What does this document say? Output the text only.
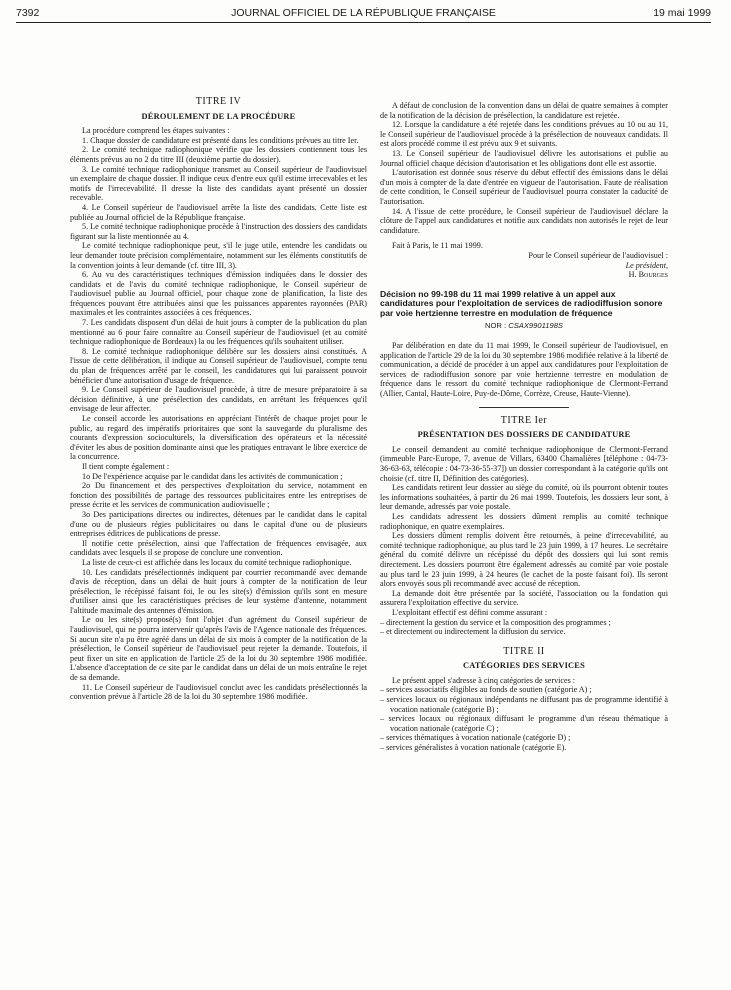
7392	JOURNAL OFFICIEL DE LA RÉPUBLIQUE FRANÇAISE	19 mai 1999
TITRE IV
DÉROULEMENT DE LA PROCÉDURE

La procédure comprend les étapes suivantes :

1. Chaque dossier de candidature est présenté dans les conditions prévues au titre Ier.

2. Le comité technique radiophonique vérifie que les dossiers contiennent tous les éléments prévus au no 2 du titre III (deuxième partie du dossier).

3. Le comité technique radiophonique transmet au Conseil supérieur de l'audiovisuel un exemplaire de chaque dossier. Il indique ceux d'entre eux qu'il estime irrecevables et les motifs de l'irrecevabilité. Il dresse la liste des candidats ayant présenté un dossier recevable.

4. Le Conseil supérieur de l'audiovisuel arrête la liste des candidats. Cette liste est publiée au Journal officiel de la République française.

5. Le comité technique radiophonique procède à l'instruction des dossiers des candidats figurant sur la liste mentionnée au 4.

Le comité technique radiophonique peut, s'il le juge utile, entendre les candidats ou leur demander toute précision complémentaire, notamment sur les éléments constitutifs de la convention joints à leur demande (cf. titre III, 3).

6. Au vu des caractéristiques techniques d'émission indiquées dans le dossier des candidats et de l'avis du comité technique radiophonique, le Conseil supérieur de l'audiovisuel publie au Journal officiel, pour chaque zone de planification, la liste des fréquences pouvant être attribuées ainsi que les puissances apparentes rayonnées (PAR) maximales et les contraintes associées à ces fréquences.

7. Les candidats disposent d'un délai de huit jours à compter de la publication du plan mentionné au 6 pour faire connaître au Conseil supérieur de l'audiovisuel (et au comité technique radiophonique de Bordeaux) la ou les fréquences qu'ils souhaitent utiliser.

8. Le comité technique radiophonique délibère sur les dossiers ainsi constitués. A l'issue de cette délibération, il indique au Conseil supérieur de l'audiovisuel, compte tenu du plan de fréquences arrêté par le conseil, les candidatures qui lui paraissent pouvoir bénéficier d'une autorisation d'usage de fréquence.

9. Le Conseil supérieur de l'audiovisuel procède, à titre de mesure préparatoire à sa décision définitive, à une présélection des candidats, en arrêtant les fréquences qu'il envisage de leur affecter.

Le conseil accorde les autorisations en appréciant l'intérêt de chaque projet pour le public, au regard des impératifs prioritaires que sont la sauvegarde du pluralisme des courants d'expression socioculturels, la diversification des opérateurs et la nécessité d'éviter les abus de position dominante ainsi que les pratiques entravant le libre exercice de la concurrence.

Il tient compte également :

1o De l'expérience acquise par le candidat dans les activités de communication ;

2o Du financement et des perspectives d'exploitation du service, notamment en fonction des possibilités de partage des ressources publicitaires entre les entreprises de presse écrite et les services de communication audiovisuelle ;

3o Des participations directes ou indirectes, détenues par le candidat dans le capital d'une ou de plusieurs régies publicitaires ou dans le capital d'une ou de plusieurs entreprises éditrices de publications de presse.

Il notifie cette présélection, ainsi que l'affectation de fréquences envisagée, aux candidats avec lesquels il se propose de conclure une convention.

La liste de ceux-ci est affichée dans les locaux du comité technique radiophonique.

10. Les candidats présélectionnés indiquent par courrier recommandé avec demande d'avis de réception, dans un délai de huit jours à compter de la notification de leur présélection, le récépissé faisant foi, le ou les site(s) d'émission qu'ils sont en mesure d'utiliser ainsi que les caractéristiques précises de leur système d'antenne, notamment l'altitude maximale des antennes d'émission.

Le ou les site(s) proposé(s) font l'objet d'un agrément du Conseil supérieur de l'audiovisuel, qui ne pourra intervenir qu'après l'avis de l'Agence nationale des fréquences. Si aucun site n'a pu être agréé dans un délai de six mois à compter de la notification de la présélection, le Conseil supérieur de l'audiovisuel peut rejeter la demande. Toutefois, il peut fixer un site en application de l'article 25 de la loi du 30 septembre 1986 modifiée. L'absence d'acceptation de ce site par le candidat dans un délai de un mois entraîne le rejet de sa demande.

11. Le Conseil supérieur de l'audiovisuel conclut avec les candidats présélectionnés la convention prévue à l'article 28 de la loi du 30 septembre 1986 modifiée.

A défaut de conclusion de la convention dans un délai de quatre semaines à compter de la notification de la décision de présélection, la candidature est rejetée.

12. Lorsque la candidature a été rejetée dans les conditions prévues au 10 ou au 11, le Conseil supérieur de l'audiovisuel procède à la présélection de nouveaux candidats. Il est alors procédé comme il est prévu aux 9 et suivants.

13. Le Conseil supérieur de l'audiovisuel délivre les autorisations et publie au Journal officiel chaque décision d'autorisation et les obligations dont elle est assortie.

L'autorisation est donnée sous réserve du début effectif des émissions dans le délai d'un mois à compter de la date d'entrée en vigueur de l'autorisation. Faute de réalisation de cette condition, le Conseil supérieur de l'audiovisuel pourra constater la caducité de l'autorisation.

14. A l'issue de cette procédure, le Conseil supérieur de l'audiovisuel déclare la clôture de l'appel aux candidatures et notifie aux candidats non autorisés le rejet de leur candidature.

Fait à Paris, le 11 mai 1999.

Pour le Conseil supérieur de l'audiovisuel :

Le président,

H. Bourges

Décision no 99-198 du 11 mai 1999 relative à un appel aux candidatures pour l'exploitation de services de radiodiffusion sonore par voie hertzienne terrestre en modulation de fréquence
NOR : CSAX9901198S

Par délibération en date du 11 mai 1999, le Conseil supérieur de l'audiovisuel, en application de l'article 29 de la loi du 30 septembre 1986 modifiée relative à la liberté de communication, a décidé de procéder à un appel aux candidatures pour l'exploitation de services de radiodiffusion sonore par voie hertzienne terrestre en modulation de fréquence dans le ressort du comité technique radiophonique de Clermont-Ferrand (Allier, Cantal, Haute-Loire, Puy-de-Dôme, Corrèze, Creuse, Haute-Vienne).

TITRE Ier
PRÉSENTATION DES DOSSIERS DE CANDIDATURE

Le conseil demandent au comité technique radiophonique de Clermont-Ferrand (immeuble Parc-Europe, 7, avenue de Villars, 63400 Chamalières [téléphone : 04-73-36-63-63, télécopie : 04-73-36-55-37]) un dossier correspondant à la catégorie qu'ils ont choisie (cf. titre II, Définition des catégories).

Les candidats retirent leur dossier au siège du comité, où ils pourront obtenir toutes les informations souhaitées, à partir du 26 mai 1999. Toutefois, les dossiers leur sont, à leur demande, adressés par voie postale.

Les candidats adressent les dossiers dûment remplis au comité technique radiophonique, en quatre exemplaires.

Les dossiers dûment remplis doivent être retournés, à peine d'irrecevabilité, au comité technique radiophonique, au plus tard le 23 juin 1999, à 17 heures. Le secrétaire général du comité délivre un récépissé du dépôt des dossiers qui lui sont remis directement. Les dossiers pourront être également adressés au comité par voie postale au plus tard le 23 juin 1999, à 24 heures (le cachet de la poste faisant foi). Ils seront alors envoyés sous pli recommandé avec accusé de réception.

La demande doit être présentée par la société, l'association ou la fondation qui assurera l'exploitation effective du service.

L'exploitant effectif est défini comme assurant :

– directement la gestion du service et la composition des programmes ;

– et directement ou indirectement la diffusion du service.

TITRE II
CATÉGORIES DES SERVICES

Le présent appel s'adresse à cinq catégories de services :

– services associatifs éligibles au fonds de soutien (catégorie A) ;

– services locaux ou régionaux indépendants ne diffusant pas de programme identifié à vocation nationale (catégorie B) ;

– services locaux ou régionaux diffusant le programme d'un réseau thématique à vocation nationale (catégorie C) ;

– services thématiques à vocation nationale (catégorie D) ;

– services généralistes à vocation nationale (catégorie E).
